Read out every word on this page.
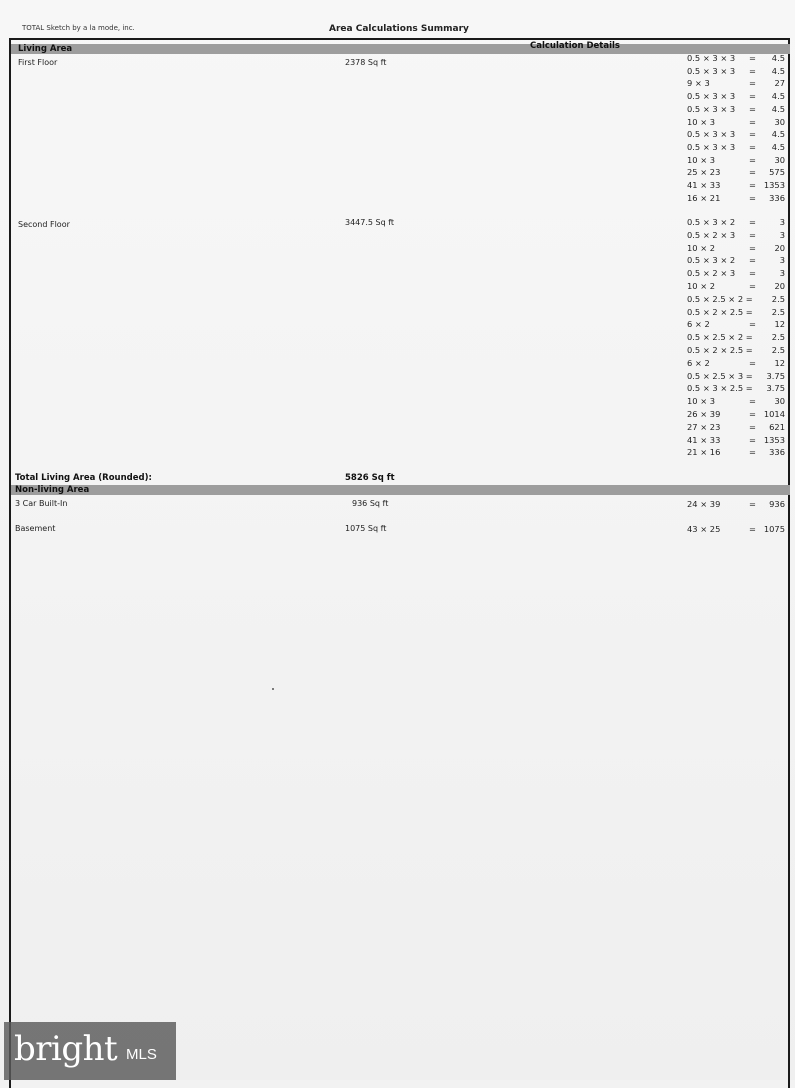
TOTAL Sketch by a la mode, inc.	Area Calculations Summary
Living Area	Calculation Details
First Floor	2378 Sq ft	0.5 × 3 × 3 = 4.5
0.5 × 3 × 3 = 4.5
9 × 3	= 27
0.5 × 3 × 3 = 4.5
0.5 × 3 × 3 = 4.5
10 × 3	= 30
0.5 × 3 × 3 = 4.5
0.5 × 3 × 3 = 4.5
10 × 3	= 30
25 × 23	= 575
41 × 33	= 1353
16 × 21	= 336
Second Floor	3447.5 Sq ft	0.5 × 3 × 2 =	3
0.5 × 2 × 3 =	3
10 × 2	= 20
0.5 × 3 × 2 =	3
0.5 × 2 × 3 =	3
10 × 2	= 20
0.5 × 2.5 × 2 = 2.5
0.5 × 2 × 2.5 = 2.5
6 × 2	= 12
0.5 × 2.5 × 2 = 2.5
0.5 × 2 × 2.5 = 2.5
6 × 2	= 12
0.5 × 2.5 × 3 = 3.75
0.5 × 3 × 2.5 = 3.75
10 × 3	= 30
26 × 39	= 1014
27 × 23	= 621
41 × 33	= 1353
21 × 16	= 336
Total Living Area (Rounded):	5826 Sq ft
Non-living Area
3 Car Built-In	936 Sq ft	24 × 39	= 936
Basement	1075 Sq ft	43 × 25	= 1075
bright MLS
